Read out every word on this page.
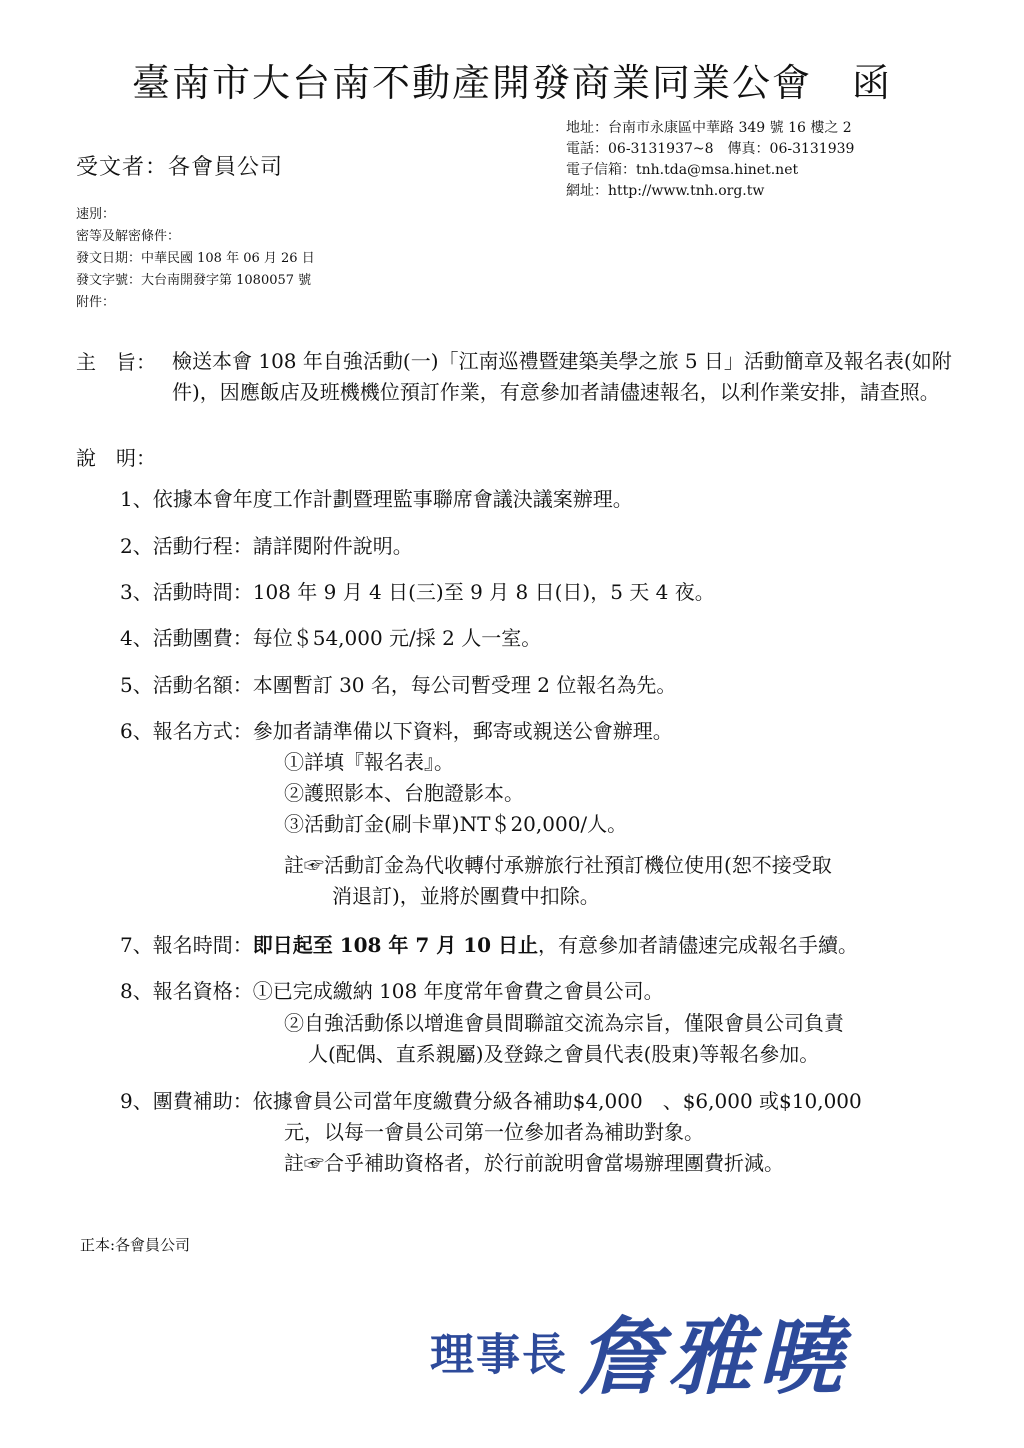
臺南市大台南不動產開發商業同業公會　函
地址：台南市永康區中華路 349 號 16 樓之 2
電話：06-3131937~8　傳真：06-3131939
電子信箱：tnh.tda@msa.hinet.net
網址：http://www.tnh.org.tw
受文者：各會員公司
速別：
密等及解密條件：
發文日期：中華民國 108 年 06 月 26 日
發文字號：大台南開發字第 1080057 號
附件：
主　旨： 檢送本會 108 年自強活動(一)「江南巡禮暨建築美學之旅 5 日」活動簡章及報名表(如附件)，因應飯店及班機機位預訂作業，有意參加者請儘速報名，以利作業安排，請查照。
說　明：
1、依據本會年度工作計劃暨理監事聯席會議決議案辦理。
2、活動行程：請詳閱附件說明。
3、活動時間：108 年 9 月 4 日(三)至 9 月 8 日(日)，5 天 4 夜。
4、活動團費：每位＄54,000 元/採 2 人一室。
5、活動名額：本團暫訂 30 名，每公司暫受理 2 位報名為先。
6、報名方式：參加者請準備以下資料，郵寄或親送公會辦理。
①詳填『報名表』。
②護照影本、台胞證影本。
③活動訂金(刷卡單)NT＄20,000/人。
註☞活動訂金為代收轉付承辦旅行社預訂機位使用(恕不接受取
消退訂)，並將於團費中扣除。
7、報名時間：即日起至 108 年 7 月 10 日止，有意參加者請儘速完成報名手續。
8、報名資格：①已完成繳納 108 年度常年會費之會員公司。
②自強活動係以增進會員間聯誼交流為宗旨，僅限會員公司負責
人(配偶、直系親屬)及登錄之會員代表(股東)等報名參加。
9、團費補助：依據會員公司當年度繳費分級各補助$4,000　、$6,000 或$10,000
元，以每一會員公司第一位參加者為補助對象。
註☞合乎補助資格者，於行前說明會當場辦理團費折減。
正本:各會員公司
理事長 詹雅曉
